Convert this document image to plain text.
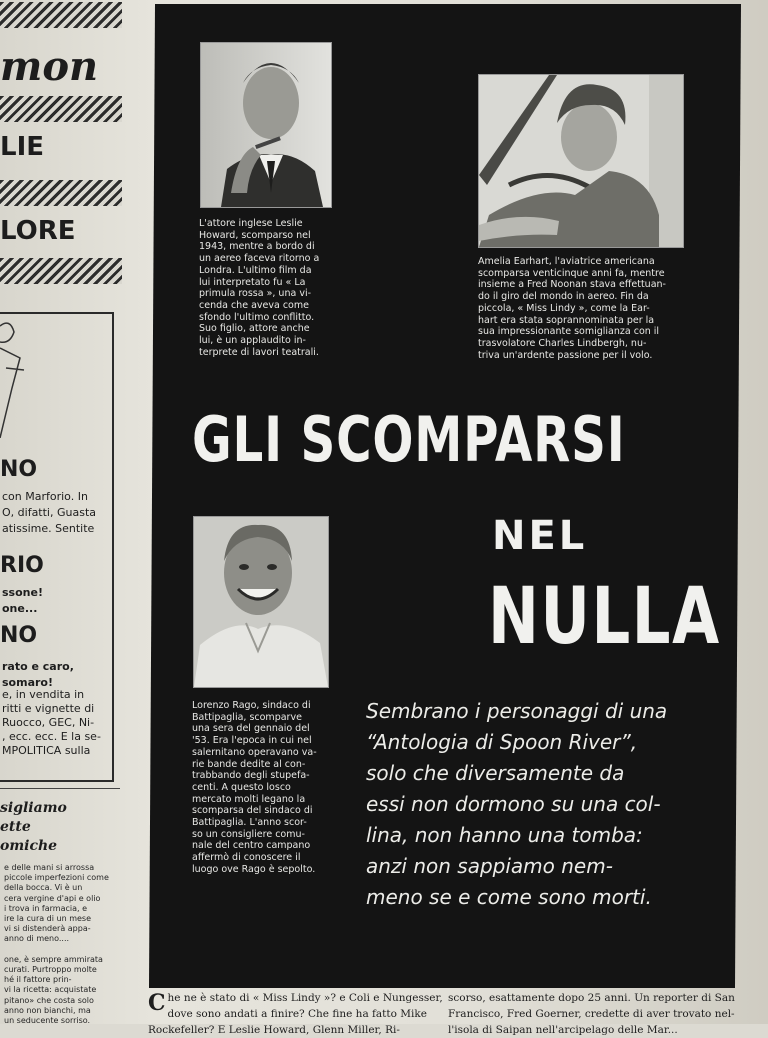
mon
LIE
LORE
NO
con Marforio. In
O, difatti, Guasta
atissime. Sentite
RIO
ssone!
one...
NO
rato e caro,
somaro!
e, in vendita in
ritti e vignette di
Ruocco, GEC, Ni-
, ecc. ecc. E la se-
MPOLITICA sulla
sigliamo
ette
omiche
e delle mani si arrossa
piccole imperfezioni come
della bocca. Vi è un
cera vergine d'api e olio
i trova in farmacia, e
ire la cura di un mese
vi si distenderà appa-
anno di meno....
one, è sempre ammirata
curati. Purtroppo molte
hé il fattore prin-
vi la ricetta: acquistate
pitano» che costa solo
anno non bianchi, ma
un seducente sorriso.
L'attore inglese Leslie
Howard, scomparso nel
1943, mentre a bordo di
un aereo faceva ritorno a
Londra. L'ultimo film da
lui interpretato fu « La
primula rossa », una vi-
cenda che aveva come
sfondo l'ultimo conflitto.
Suo figlio, attore anche
lui, è un applaudito in-
terprete di lavori teatrali.
Amelia Earhart, l'aviatrice americana
scomparsa venticinque anni fa, mentre
insieme a Fred Noonan stava effettuan-
do il giro del mondo in aereo. Fin da
piccola, « Miss Lindy », come la Ear-
hart era stata soprannominata per la
sua impressionante somiglianza con il
trasvolatore Charles Lindbergh, nu-
triva un'ardente passione per il volo.
GLI SCOMPARSI
Lorenzo Rago, sindaco di
Battipaglia, scomparve
una sera del gennaio del
'53. Era l'epoca in cui nel
salernitano operavano va-
rie bande dedite al con-
trabbando degli stupefa-
centi. A questo losco
mercato molti legano la
scomparsa del sindaco di
Battipaglia. L'anno scor-
so un consigliere comu-
nale del centro campano
affermò di conoscere il
luogo ove Rago è sepolto.
NEL
NULLA
Sembrano i personaggi di una
“Antologia di Spoon River”,
solo che diversamente da
essi non dormono su una col-
lina, non hanno una tomba:
anzi non sappiamo nem-
meno se e come sono morti.
C he ne è stato di « Miss Lindy »? e Coli e Nungesser,
dove sono andati a finire? Che fine ha fatto Mike
Rockefeller? E Leslie Howard, Glenn Miller, Ri-
scorso, esattamente dopo 25 anni. Un reporter di San
Francisco, Fred Goerner, credette di aver trovato nel-
l'isola di Saipan nell'arcipelago delle Mar...
